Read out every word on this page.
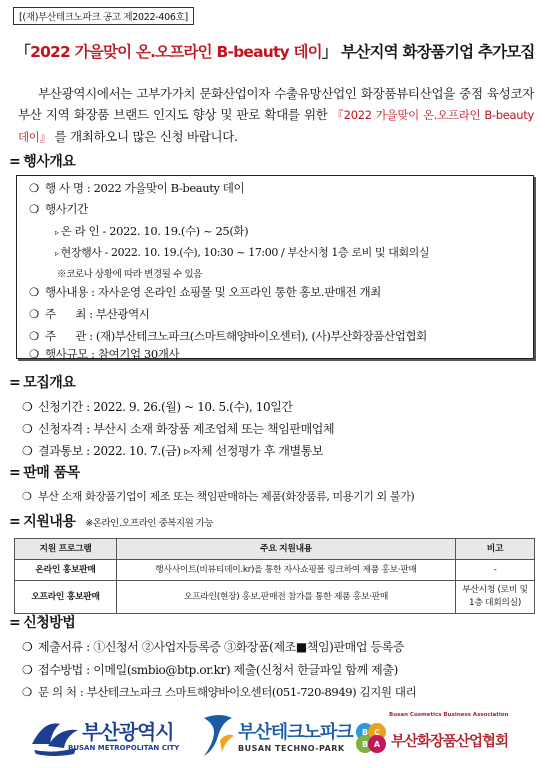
[(재)부산테크노파크 공고 제2022-406호]
「2022 가을맞이 온.오프라인 B-beauty 데이」 부산지역 화장품기업 추가모집
부산광역시에서는 고부가가치 문화산업이자 수출유망산업인 화장품뷰티산업을 중점 육성코자 부산 지역 화장품 브랜드 인지도 향상 및 판로 확대를 위한 『2022 가을맞이 온.오프라인 B-beauty 데이』 를 개최하오니 많은 신청 바랍니다.
= 행사개요
❍ 행 사 명 : 2022 가을맞이 B-beauty 데이
❍ 행사기간
▹ 온 라 인 - 2022. 10. 19.(수) ~ 25(화)
▹ 현장행사 - 2022. 10. 19.(수), 10:30 ~ 17:00 / 부산시청 1층 로비 및 대회의실
※코로나 상황에 따라 변경될 수 있음
❍ 행사내용 : 자사운영 온라인 쇼핑몰 및 오프라인 통한 홍보.판매전 개최
❍ 주      최 : 부산광역시
❍ 주      관 : (재)부산테크노파크(스마트해양바이오센터), (사)부산화장품산업협회
❍ 행사규모 : 참여기업 30개사
= 모집개요
❍ 신청기간 : 2022. 9. 26.(월) ~ 10. 5.(수), 10일간
❍ 신청자격 : 부산시 소재 화장품 제조업체 또는 책임판매업체
❍ 결과통보 : 2022. 10. 7.(금) ▹자체 선정평가 후 개별통보
= 판매 품목
❍ 부산 소재 화장품기업이 제조 또는 책임판매하는 제품(화장품류, 미용기기 외 불가)
= 지원내용 ※온라인.오프라인 중복지원 가능
지원 프로그램	주요 지원내용	비고
온라인 홍보판매	행사사이트(비뷰티데이.kr)을 통한 자사쇼핑몰 링크하여 제품 홍보·판매	-
오프라인 홍보판매	오프라인(현장) 홍보.판매전 참가를 통한 제품 홍보·판매	부산시청 (로비 및 1층 대회의실)
= 신청방법
❍ 제출서류 : ①신청서 ②사업자등록증 ③화장품(제조■책임)판매업 등록증
❍ 접수방법 : 이메일(smbio@btp.or.kr) 제출(신청서 한글파일 함께 제출)
❍ 문 의 처 : 부산테크노파크 스마트해양바이오센터(051-720-8949) 김지원 대리
부산광역시
BUSAN METROPOLITAN CITY
부산테크노파크
BUSAN TECHNO-PARK
Busan Cosmetics Business Association
B C
B A 부산화장품산업협회
